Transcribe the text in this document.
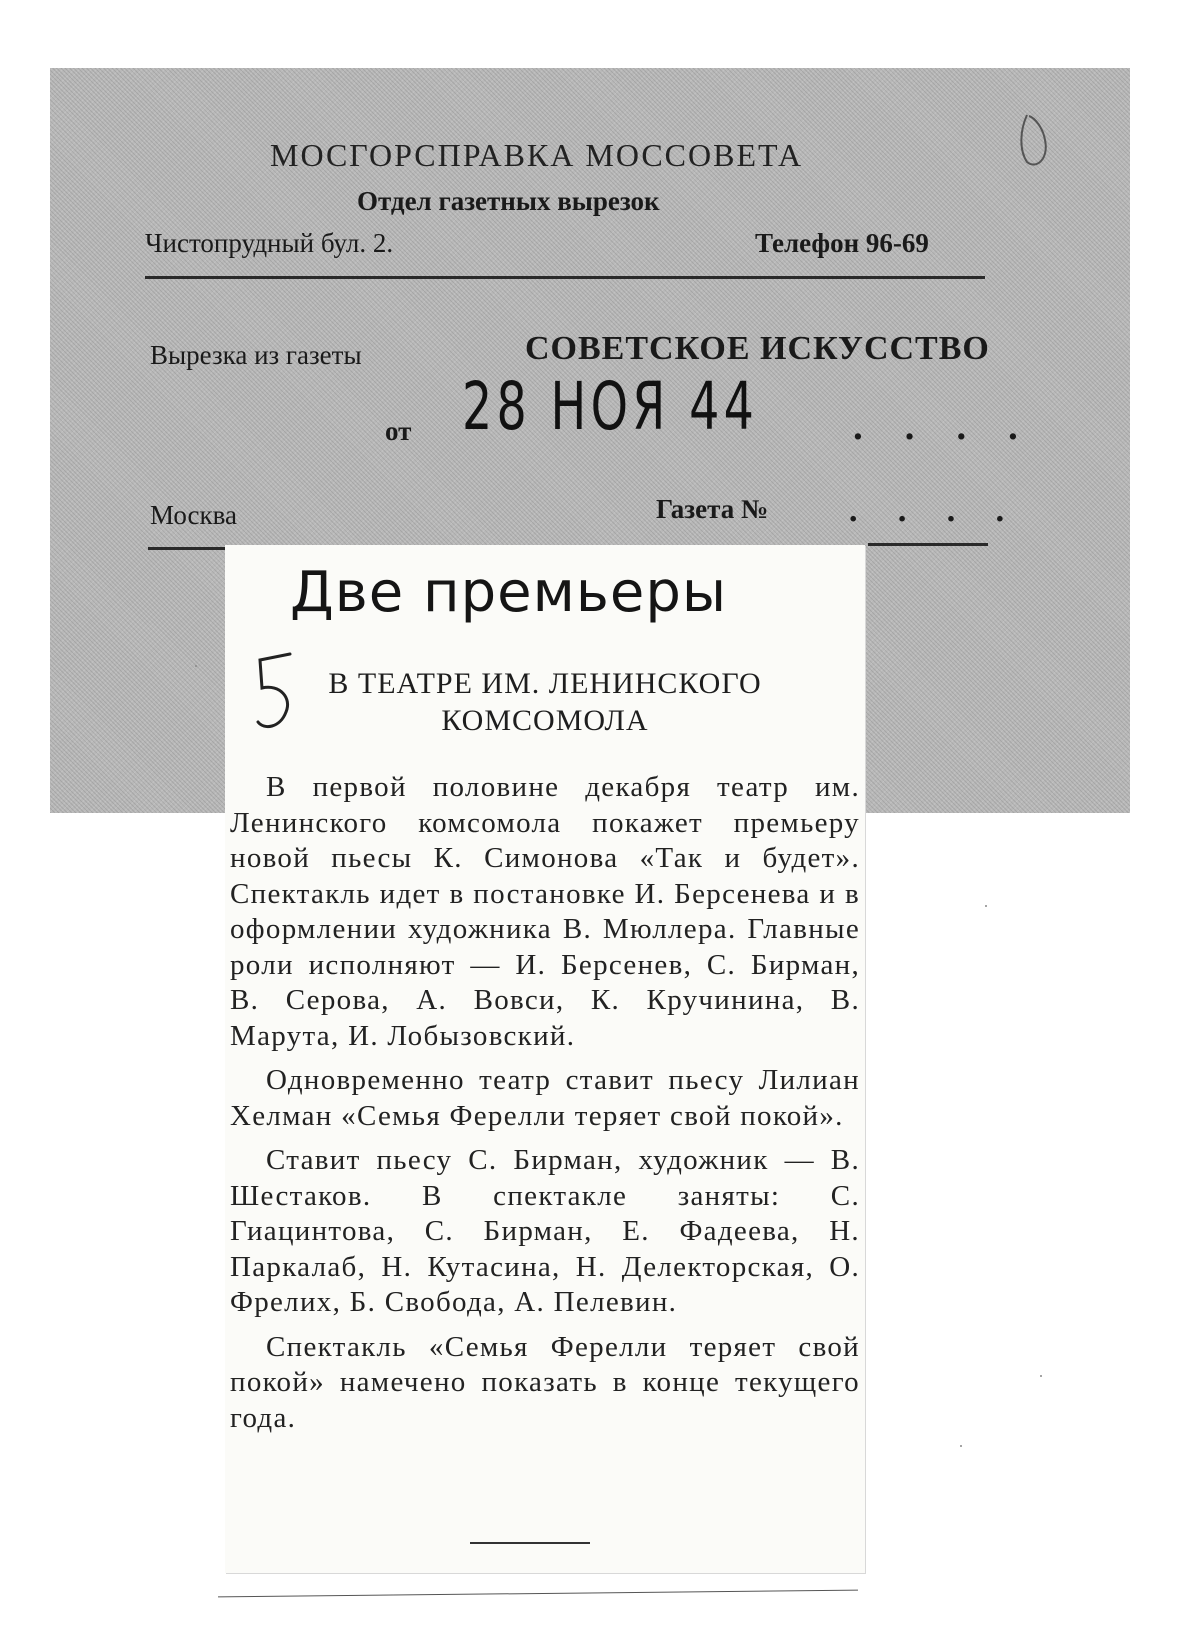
МОСГОРСПРАВКА МОССОВЕТА
Отдел газетных вырезок
Чистопрудный бул. 2.	Телефон 96-69
Вырезка из газеты	СОВЕТСКОЕ ИСКУССТВО
от 28 НОЯ 44	. . . .
Москва	Газета №	. . . .
Две премьеры
В ТЕАТРЕ ИМ. ЛЕНИНСКОГО
КОМСОМОЛА

В первой половине декабря театр им. Ленинского комсомола покажет премьеру новой пьесы К. Симонова «Так и будет». Спектакль идет в постановке И. Берсенева и в оформлении художника В. Мюллера. Главные роли исполняют — И. Берсенев, С. Бирман, В. Серова, А. Вовси, К. Кручинина, В. Марута, И. Лобызовский.

Одновременно театр ставит пьесу Лилиан Хелман «Семья Ферелли теряет свой покой».

Ставит пьесу С. Бирман, художник — В. Шестаков. В спектакле заняты: С. Гиацинтова, С. Бирман, Е. Фадеева, Н. Паркалаб, Н. Кутасина, Н. Делекторская, О. Фрелих, Б. Свобода, А. Пелевин.

Спектакль «Семья Ферелли теряет свой покой» намечено показать в конце текущего года.
